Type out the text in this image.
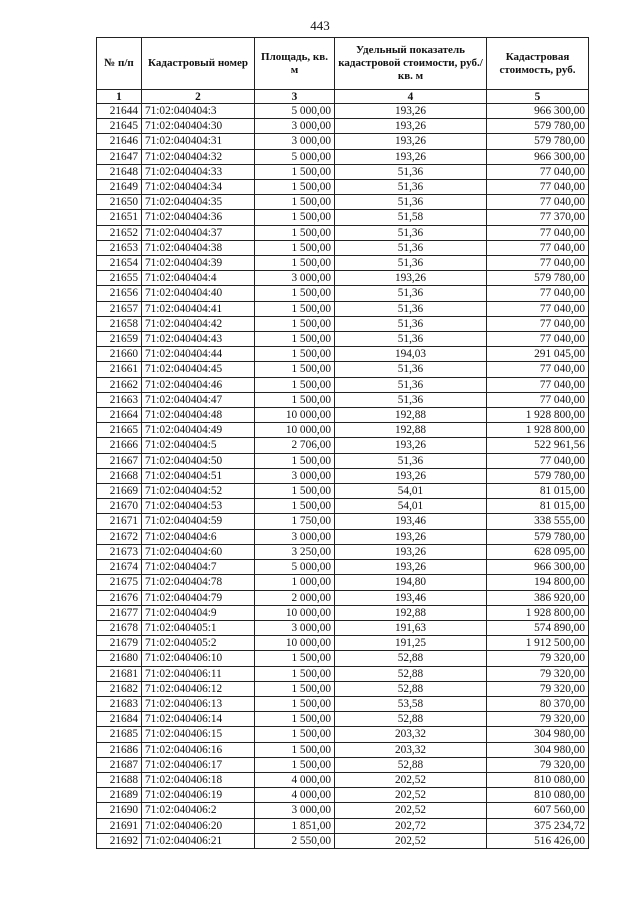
443
№ п/п	Кадастровый номер	Площадь, кв. м	Удельный показатель кадастровой стоимости, руб./кв. м	Кадастровая стоимость, руб.
1	2	3	4	5
21644	71:02:040404:3	5 000,00	193,26	966 300,00
21645	71:02:040404:30	3 000,00	193,26	579 780,00
21646	71:02:040404:31	3 000,00	193,26	579 780,00
21647	71:02:040404:32	5 000,00	193,26	966 300,00
21648	71:02:040404:33	1 500,00	51,36	77 040,00
21649	71:02:040404:34	1 500,00	51,36	77 040,00
21650	71:02:040404:35	1 500,00	51,36	77 040,00
21651	71:02:040404:36	1 500,00	51,58	77 370,00
21652	71:02:040404:37	1 500,00	51,36	77 040,00
21653	71:02:040404:38	1 500,00	51,36	77 040,00
21654	71:02:040404:39	1 500,00	51,36	77 040,00
21655	71:02:040404:4	3 000,00	193,26	579 780,00
21656	71:02:040404:40	1 500,00	51,36	77 040,00
21657	71:02:040404:41	1 500,00	51,36	77 040,00
21658	71:02:040404:42	1 500,00	51,36	77 040,00
21659	71:02:040404:43	1 500,00	51,36	77 040,00
21660	71:02:040404:44	1 500,00	194,03	291 045,00
21661	71:02:040404:45	1 500,00	51,36	77 040,00
21662	71:02:040404:46	1 500,00	51,36	77 040,00
21663	71:02:040404:47	1 500,00	51,36	77 040,00
21664	71:02:040404:48	10 000,00	192,88	1 928 800,00
21665	71:02:040404:49	10 000,00	192,88	1 928 800,00
21666	71:02:040404:5	2 706,00	193,26	522 961,56
21667	71:02:040404:50	1 500,00	51,36	77 040,00
21668	71:02:040404:51	3 000,00	193,26	579 780,00
21669	71:02:040404:52	1 500,00	54,01	81 015,00
21670	71:02:040404:53	1 500,00	54,01	81 015,00
21671	71:02:040404:59	1 750,00	193,46	338 555,00
21672	71:02:040404:6	3 000,00	193,26	579 780,00
21673	71:02:040404:60	3 250,00	193,26	628 095,00
21674	71:02:040404:7	5 000,00	193,26	966 300,00
21675	71:02:040404:78	1 000,00	194,80	194 800,00
21676	71:02:040404:79	2 000,00	193,46	386 920,00
21677	71:02:040404:9	10 000,00	192,88	1 928 800,00
21678	71:02:040405:1	3 000,00	191,63	574 890,00
21679	71:02:040405:2	10 000,00	191,25	1 912 500,00
21680	71:02:040406:10	1 500,00	52,88	79 320,00
21681	71:02:040406:11	1 500,00	52,88	79 320,00
21682	71:02:040406:12	1 500,00	52,88	79 320,00
21683	71:02:040406:13	1 500,00	53,58	80 370,00
21684	71:02:040406:14	1 500,00	52,88	79 320,00
21685	71:02:040406:15	1 500,00	203,32	304 980,00
21686	71:02:040406:16	1 500,00	203,32	304 980,00
21687	71:02:040406:17	1 500,00	52,88	79 320,00
21688	71:02:040406:18	4 000,00	202,52	810 080,00
21689	71:02:040406:19	4 000,00	202,52	810 080,00
21690	71:02:040406:2	3 000,00	202,52	607 560,00
21691	71:02:040406:20	1 851,00	202,72	375 234,72
21692	71:02:040406:21	2 550,00	202,52	516 426,00
